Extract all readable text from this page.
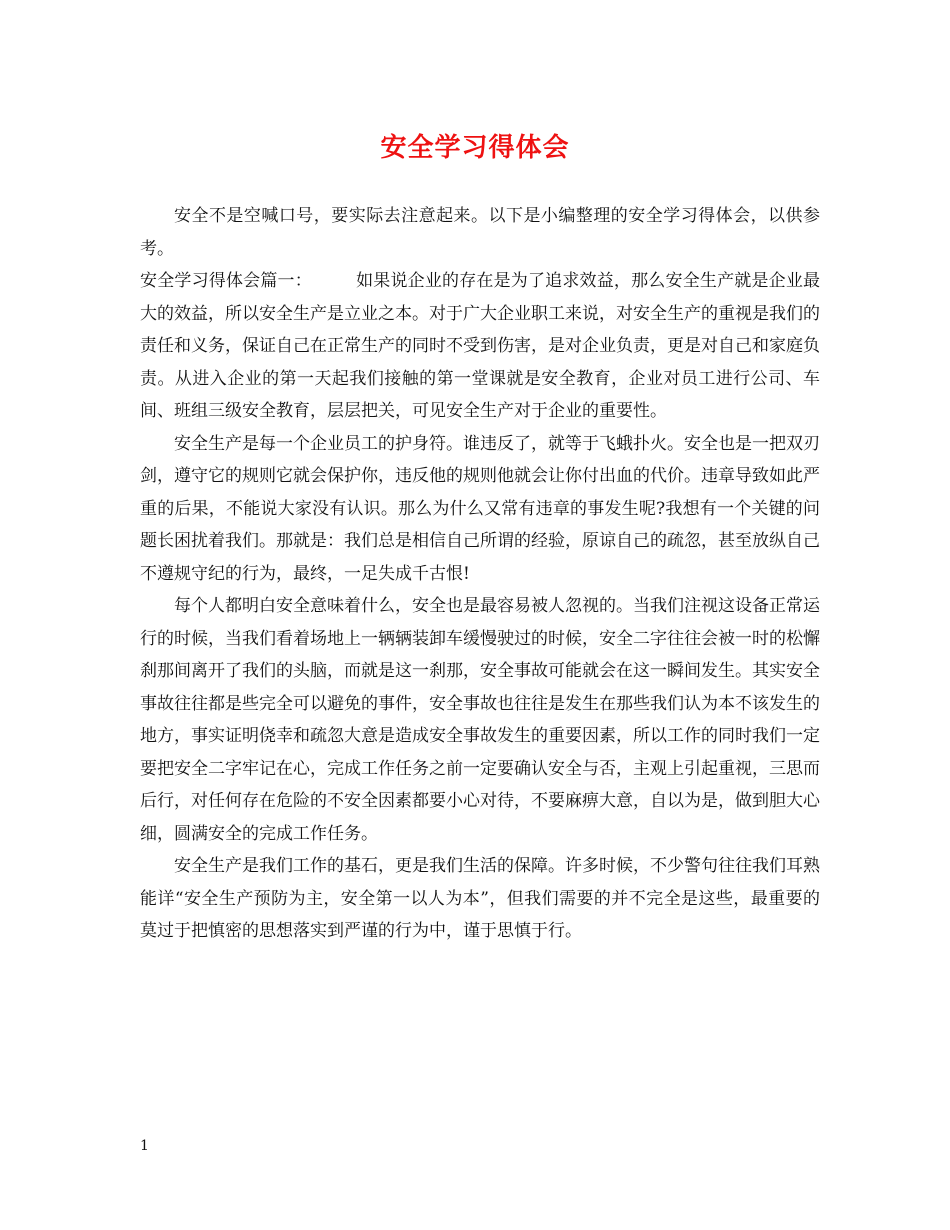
安全学习得体会

安全不是空喊口号，要实际去注意起来。以下是小编整理的安全学习得体会，以供参考。

安全学习得体会篇一：	如果说企业的存在是为了追求效益，那么安全生产就是企业最大的效益，所以安全生产是立业之本。对于广大企业职工来说，对安全生产的重视是我们的责任和义务，保证自己在正常生产的同时不受到伤害，是对企业负责，更是对自己和家庭负责。从进入企业的第一天起我们接触的第一堂课就是安全教育，企业对员工进行公司、车间、班组三级安全教育，层层把关，可见安全生产对于企业的重要性。

安全生产是每一个企业员工的护身符。谁违反了，就等于飞蛾扑火。安全也是一把双刃剑，遵守它的规则它就会保护你，违反他的规则他就会让你付出血的代价。违章导致如此严重的后果，不能说大家没有认识。那么为什么又常有违章的事发生呢?我想有一个关键的问题长困扰着我们。那就是：我们总是相信自己所谓的经验，原谅自己的疏忽，甚至放纵自己不遵规守纪的行为，最终，一足失成千古恨!

每个人都明白安全意味着什么，安全也是最容易被人忽视的。当我们注视这设备正常运行的时候，当我们看着场地上一辆辆装卸车缓慢驶过的时候，安全二字往往会被一时的松懈刹那间离开了我们的头脑，而就是这一刹那，安全事故可能就会在这一瞬间发生。其实安全事故往往都是些完全可以避免的事件，安全事故也往往是发生在那些我们认为本不该发生的地方，事实证明侥幸和疏忽大意是造成安全事故发生的重要因素，所以工作的同时我们一定要把安全二字牢记在心，完成工作任务之前一定要确认安全与否，主观上引起重视，三思而后行，对任何存在危险的不安全因素都要小心对待，不要麻痹大意，自以为是，做到胆大心细，圆满安全的完成工作任务。

安全生产是我们工作的基石，更是我们生活的保障。许多时候，不少警句往往我们耳熟能详“安全生产预防为主，安全第一以人为本”，但我们需要的并不完全是这些，最重要的莫过于把慎密的思想落实到严谨的行为中，谨于思慎于行。

1
